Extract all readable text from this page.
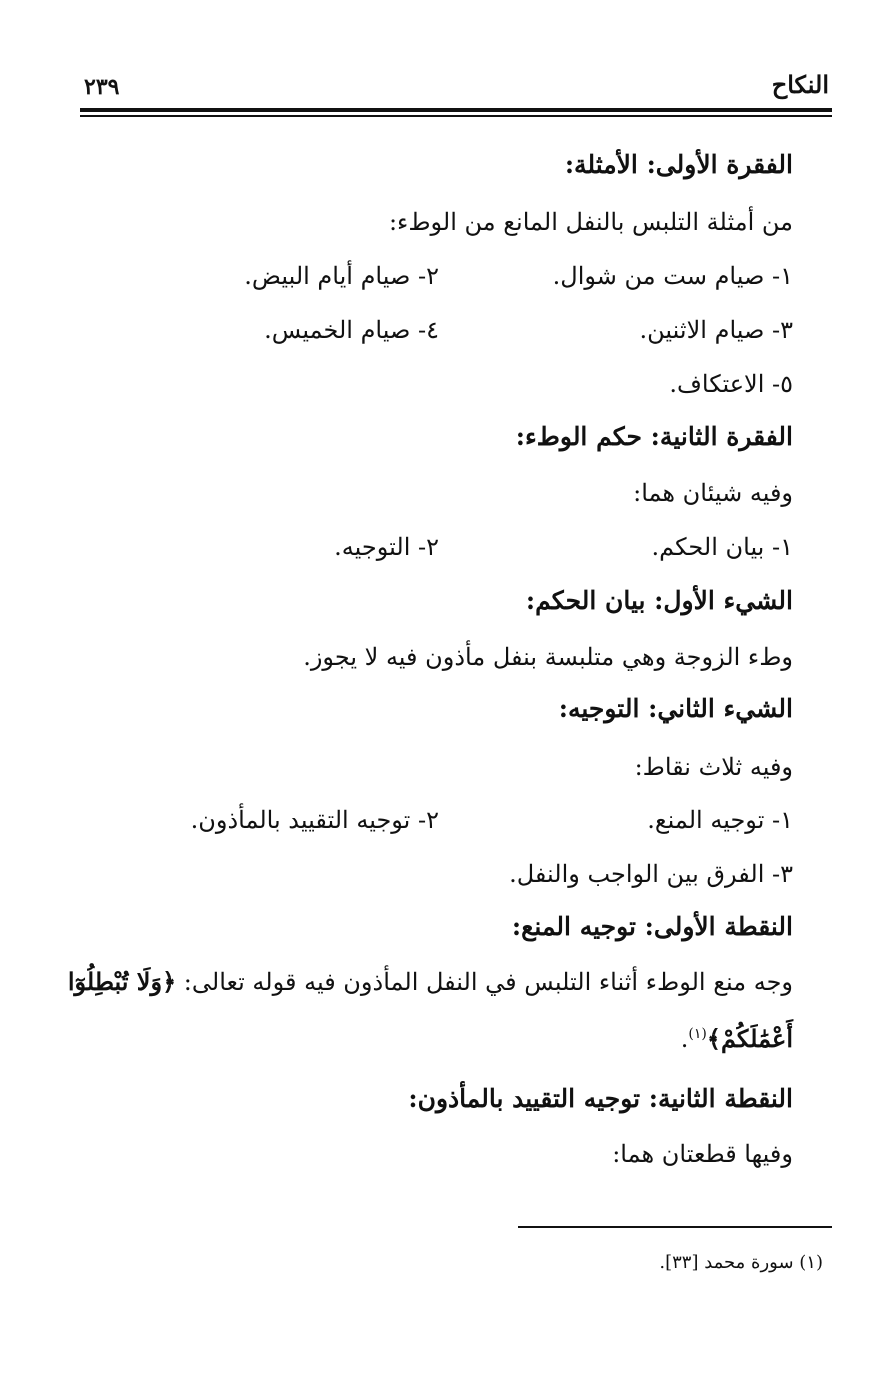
النكاح
٢٣٩
الفقرة الأولى: الأمثلة:
من أمثلة التلبس بالنفل المانع من الوطء:
١- صيام ست من شوال.
٢- صيام أيام البيض.
٣- صيام الاثنين.
٤- صيام الخميس.
٥- الاعتكاف.
الفقرة الثانية: حكم الوطء:
وفيه شيئان هما:
١- بيان الحكم.
٢- التوجيه.
الشيء الأول: بيان الحكم:
وطء الزوجة وهي متلبسة بنفل مأذون فيه لا يجوز.
الشيء الثاني: التوجيه:
وفيه ثلاث نقاط:
١- توجيه المنع.
٢- توجيه التقييد بالمأذون.
٣- الفرق بين الواجب والنفل.
النقطة الأولى: توجيه المنع:
وجه منع الوطء أثناء التلبس في النفل المأذون فيه قوله تعالى: ﴿وَلَا تُبْطِلُوٓا
أَعْمَٰلَكُمْ﴾$^{(١)}$.
النقطة الثانية: توجيه التقييد بالمأذون:
وفيها قطعتان هما:
(١) سورة محمد [٣٣].
